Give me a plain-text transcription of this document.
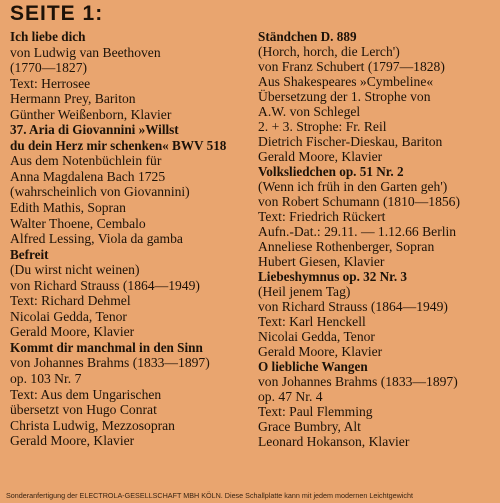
SEITE 1:
Ich liebe dich
von Ludwig van Beethoven
(1770—1827)
Text: Herrosee
Hermann Prey, Bariton
Günther Weißenborn, Klavier
37. Aria di Giovannini »Willst
du dein Herz mir schenken« BWV 518
Aus dem Notenbüchlein für
Anna Magdalena Bach 1725
(wahrscheinlich von Giovannini)
Edith Mathis, Sopran
Walter Thoene, Cembalo
Alfred Lessing, Viola da gamba
Befreit
(Du wirst nicht weinen)
von Richard Strauss (1864—1949)
Text: Richard Dehmel
Nicolai Gedda, Tenor
Gerald Moore, Klavier
Kommt dir manchmal in den Sinn
von Johannes Brahms (1833—1897)
op. 103 Nr. 7
Text: Aus dem Ungarischen
übersetzt von Hugo Conrat
Christa Ludwig, Mezzosopran
Gerald Moore, Klavier
Ständchen D. 889
(Horch, horch, die Lerch')
von Franz Schubert (1797—1828)
Aus Shakespeares »Cymbeline«
Übersetzung der 1. Strophe von
A.W. von Schlegel
2. + 3. Strophe: Fr. Reil
Dietrich Fischer-Dieskau, Bariton
Gerald Moore, Klavier
Volksliedchen op. 51 Nr. 2
(Wenn ich früh in den Garten geh')
von Robert Schumann (1810—1856)
Text: Friedrich Rückert
Aufn.-Dat.: 29.11. — 1.12.66 Berlin
Anneliese Rothenberger, Sopran
Hubert Giesen, Klavier
Liebeshymnus op. 32 Nr. 3
(Heil jenem Tag)
von Richard Strauss (1864—1949)
Text: Karl Henckell
Nicolai Gedda, Tenor
Gerald Moore, Klavier
O liebliche Wangen
von Johannes Brahms (1833—1897)
op. 47 Nr. 4
Text: Paul Flemming
Grace Bumbry, Alt
Leonard Hokanson, Klavier
Sonderanfertigung der ELECTROLA-GESELLSCHAFT MBH KÖLN. Diese Schallplatte kann mit jedem modernen Leichtgewicht
